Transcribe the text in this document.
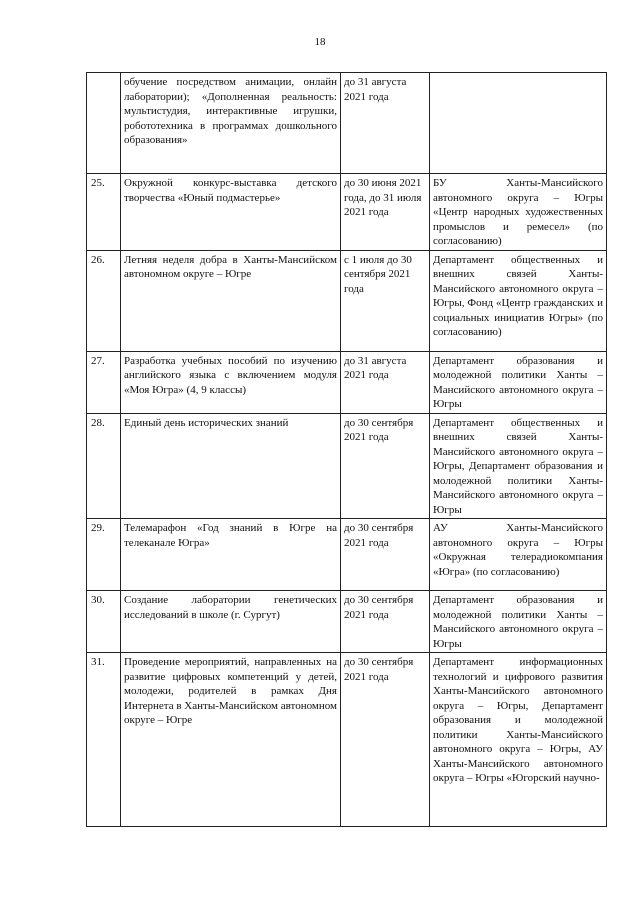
18
	обучение посредством анимации, онлайн лаборатории); «Дополненная реальность: мультистудия, интерактивные игрушки, робототехника в программах дошкольного образования»	до 31 августа 2021 года	
25.	Окружной конкурс-выставка детского творчества «Юный подмастерье»	до 30 июня 2021 года, до 31 июля 2021 года	БУ Ханты-Мансийского автономного округа – Югры «Центр народных художественных промыслов и ремесел» (по согласованию)
26.	Летняя неделя добра в Ханты-Мансийском автономном округе – Югре	с 1 июля до 30 сентября 2021 года	Департамент общественных и внешних связей Ханты-Мансийского автономного округа – Югры, Фонд «Центр гражданских и социальных инициатив Югры» (по согласованию)
27.	Разработка учебных пособий по изучению английского языка с включением модуля «Моя Югра» (4, 9 классы)	до 31 августа 2021 года	Департамент образования и молодежной политики Ханты – Мансийского автономного округа – Югры
28.	Единый день исторических знаний	до 30 сентября 2021 года	Департамент общественных и внешних связей Ханты-Мансийского автономного округа – Югры, Департамент образования и молодежной политики Ханты-Мансийского автономного округа – Югры
29.	Телемарафон «Год знаний в Югре на телеканале Югра»	до 30 сентября 2021 года	АУ Ханты-Мансийского автономного округа – Югры «Окружная телерадиокомпания «Югра» (по согласованию)
30.	Создание лаборатории генетических исследований в школе (г. Сургут)	до 30 сентября 2021 года	Департамент образования и молодежной политики Ханты – Мансийского автономного округа – Югры
31.	Проведение мероприятий, направленных на развитие цифровых компетенций у детей, молодежи, родителей в рамках Дня Интернета в Ханты-Мансийском автономном округе – Югре	до 30 сентября 2021 года	Департамент информационных технологий и цифрового развития Ханты-Мансийского автономного округа – Югры, Департамент образования и молодежной политики Ханты-Мансийского автономного округа – Югры, АУ Ханты-Мансийского автономного округа – Югры «Югорский научно-
